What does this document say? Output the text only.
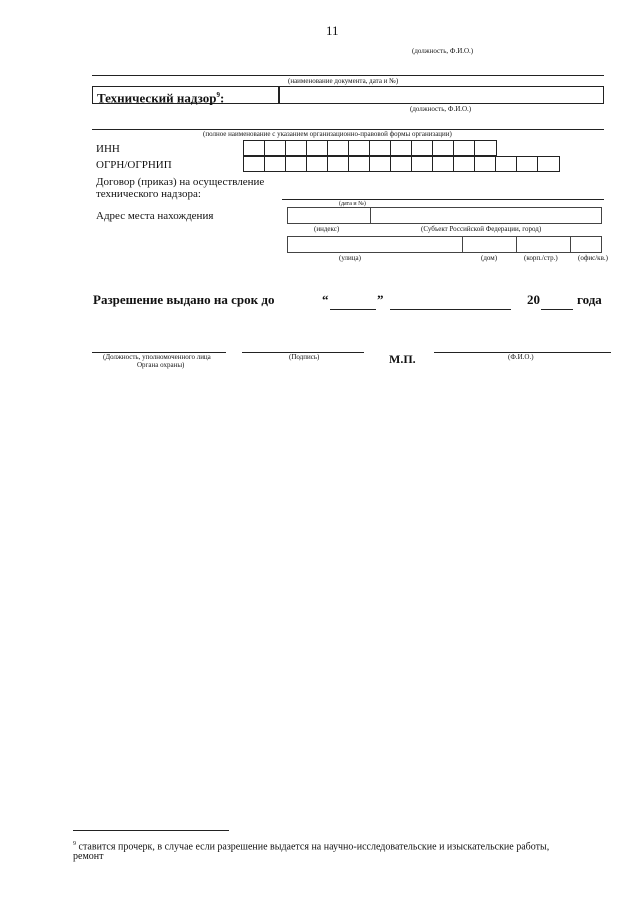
11
(должность, Ф.И.О.)
(наименование документа, дата и №)
Технический надзор$^9$:
(должность, Ф.И.О.)
(полное наименование с указанием организационно-правовой формы организации)
ИНН
ОГРН/ОГРНИП
Договор (приказ) на осуществление
технического надзора:
(дата и №)
Адрес места нахождения
(индекс)	(Субъект Российской Федерации, город)
(улица)	(дом)	(корп./стр.)	(офис/кв.)
Разрешение выдано на срок до	“	”	20	года
(Должность, уполномоченного лица
Органа охраны)
(Подпись)	М.П.	(Ф.И.О.)
$^9$ ставится прочерк, в случае если разрешение выдается на научно-исследовательские и изыскательские работы,
ремонт
